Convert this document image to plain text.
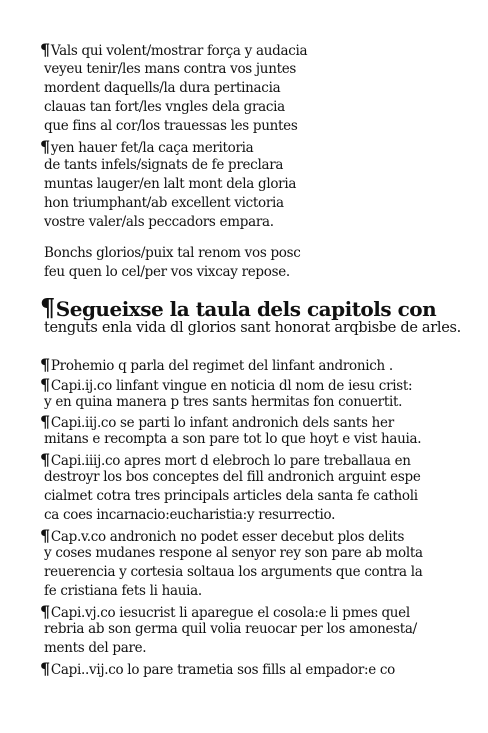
¶Vals qui volent/mostrar força y audacia
veyeu tenir/les mans contra vos juntes
mordent daquells/la dura pertinacia
clauas tan fort/les vngles dela gracia
que fins al cor/los trauessas les puntes
¶yen hauer fet/la caça meritoria
de tants infels/signats de fe preclara
muntas lauger/en lalt mont dela gloria
hon triumphant/ab excellent victoria
vostre valer/als peccadors empara.
Bonchs glorios/puix tal renom vos posc
feu quen lo cel/per vos vixcay repose.
¶Segueixse la taula dels capitols con
tenguts enla vida dl glorios sant honorat arqbisbe de arles.
¶Prohemio q parla del regimet del linfant andronich .
¶Capi.ij.co linfant vingue en noticia dl nom de iesu crist:
y en quina manera p tres sants hermitas fon conuertit.
¶Capi.iij.co se parti lo infant andronich dels sants her
mitans e recompta a son pare tot lo que hoyt e vist hauia.
¶Capi.iiij.co apres mort d elebroch lo pare treballaua en
destroyr los bos conceptes del fill andronich arguint espe
cialmet cotra tres principals articles dela santa fe catholi
ca coes incarnacio:eucharistia:y resurrectio.
¶Cap.v.co andronich no podet esser decebut plos delits
y coses mudanes respone al senyor rey son pare ab molta
reuerencia y cortesia soltaua los arguments que contra la
fe cristiana fets li hauia.
¶Capi.vj.co iesucrist li aparegue el cosola:e li pmes quel
rebria ab son germa quil volia reuocar per los amonesta/
ments del pare.
¶Capi..vij.co lo pare trametia sos fills al empador:e co
